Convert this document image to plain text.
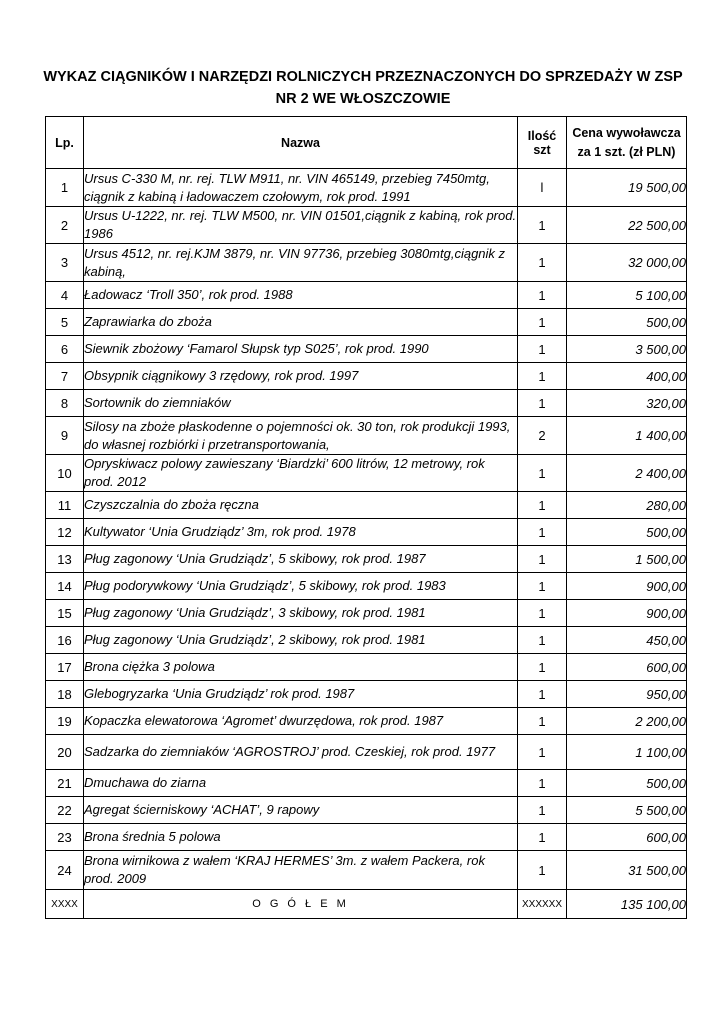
WYKAZ CIĄGNIKÓW I NARZĘDZI ROLNICZYCH PRZEZNACZONYCH DO SPRZEDAŻY W ZSP
NR 2 WE WŁOSZCZOWIE
Lp.	Nazwa	Ilość szt	Cena wywoławcza
za 1 szt. (zł PLN)

1	Ursus C-330 M, nr. rej. TLW M911, nr. VIN 465149, przebieg 7450mtg, ciągnik z kabiną i ładowaczem czołowym, rok prod. 1991	l	19 500,00
2	Ursus U-1222, nr. rej. TLW M500, nr. VIN 01501,ciągnik z kabiną, rok prod. 1986	1	22 500,00
3	Ursus 4512, nr. rej.KJM 3879, nr. VIN 97736, przebieg 3080mtg,ciągnik z kabiną,	1	32 000,00
4	Ładowacz ‘Troll 350’, rok prod. 1988	1	5 100,00
5	Zaprawiarka do zboża	1	500,00
6	Siewnik zbożowy ‘Famarol Słupsk typ S025’, rok prod. 1990	1	3 500,00
7	Obsypnik ciągnikowy 3 rzędowy, rok prod. 1997	1	400,00
8	Sortownik do ziemniaków	1	320,00
9	Silosy na zboże płaskodenne o pojemności ok. 30 ton, rok produkcji 1993, do własnej rozbiórki i przetransportowania,	2	1 400,00
10	Opryskiwacz polowy zawieszany ‘Biardzki’ 600 litrów, 12 metrowy, rok prod. 2012	1	2 400,00
11	Czyszczalnia do zboża ręczna	1	280,00
12	Kultywator ‘Unia Grudziądz’ 3m, rok prod. 1978	1	500,00
13	Pług zagonowy ‘Unia Grudziądz’, 5 skibowy, rok prod. 1987	1	1 500,00
14	Pług podorywkowy ‘Unia Grudziądz’, 5 skibowy, rok prod. 1983	1	900,00
15	Pług zagonowy ‘Unia Grudziądz’, 3 skibowy, rok prod. 1981	1	900,00
16	Pług zagonowy ‘Unia Grudziądz’, 2 skibowy, rok prod. 1981	1	450,00
17	Brona ciężka 3 polowa	1	600,00
18	Glebogryzarka ‘Unia Grudziądz’ rok prod. 1987	1	950,00
19	Kopaczka elewatorowa ‘Agromet’ dwurzędowa, rok prod. 1987	1	2 200,00
20	Sadzarka do ziemniaków ‘AGROSTROJ’ prod. Czeskiej, rok prod. 1977	1	1 100,00
21	Dmuchawa do ziarna	1	500,00
22	Agregat ścierniskowy ‘ACHAT’, 9 rapowy	1	5 500,00
23	Brona średnia 5 polowa	1	600,00
24	Brona wirnikowa z wałem ‘KRAJ HERMES’ 3m. z wałem Packera, rok prod. 2009	1	31 500,00
XXXX	O G Ó Ł E M	XXXXXX	135 100,00
